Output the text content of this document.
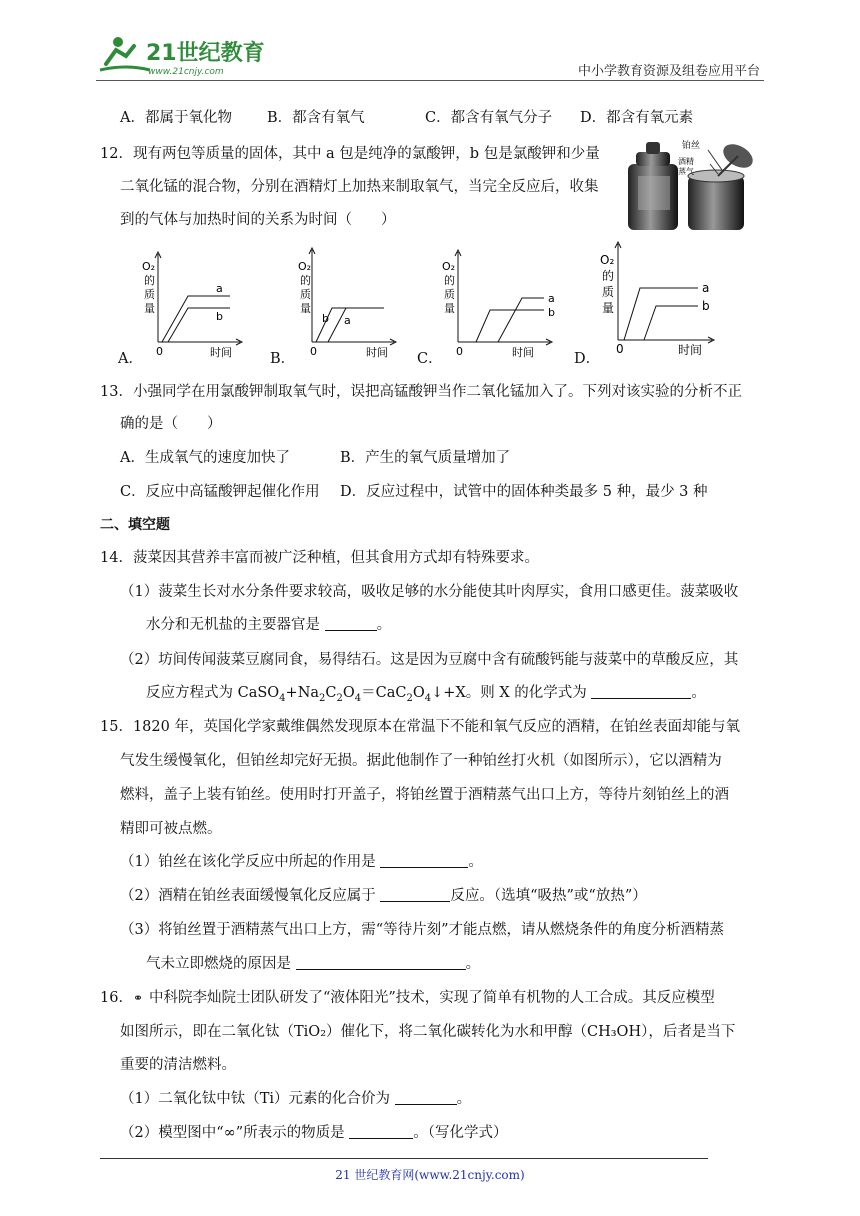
21世纪教育
www.21cnjy.com	中小学教育资源及组卷应用平台
A．都属于氧化物 B．都含有氧气	C．都含有氧气分子 D．都含有氧元素
12．现有两包等质量的固体，其中 a 包是纯净的氯酸钾，b 包是氯酸钾和少量
二氧化锰的混合物，分别在酒精灯上加热来制取氧气，当完全反应后，收集
到的气体与加热时间的关系为时间（　　）
铂丝
酒精
蒸气
A．	B．	C．	D．
O₂
的
质
量
0	时间
a
b
O₂
的
质
量
0	时间
b a
O₂
的
质
量
0	时间
a
b
O₂
的
质
量
0	时间
a
b
13．小强同学在用氯酸钾制取氧气时，误把高锰酸钾当作二氧化锰加入了。下列对该实验的分析不正
确的是（　　）
A．生成氧气的速度加快了	B．产生的氧气质量增加了
C．反应中高锰酸钾起催化作用 D．反应过程中，试管中的固体种类最多 5 种，最少 3 种
二、填空题
14．菠菜因其营养丰富而被广泛种植，但其食用方式却有特殊要求。
（1）菠菜生长对水分条件要求较高，吸收足够的水分能使其叶肉厚实，食用口感更佳。菠菜吸收
水分和无机盐的主要器官是	。
（2）坊间传闻菠菜豆腐同食，易得结石。这是因为豆腐中含有硫酸钙能与菠菜中的草酸反应，其
反应方程式为 $CaSO_4+Na_2C_2O_4=CaC_2O_4↓+X$。则 X 的化学式为	。
15．1820 年，英国化学家戴维偶然发现原本在常温下不能和氧气反应的酒精，在铂丝表面却能与氧
气发生缓慢氧化，但铂丝却完好无损。据此他制作了一种铂丝打火机（如图所示），它以酒精为
燃料，盖子上装有铂丝。使用时打开盖子，将铂丝置于酒精蒸气出口上方，等待片刻铂丝上的酒
精即可被点燃。
（1）铂丝在该化学反应中所起的作用是	。
（2）酒精在铂丝表面缓慢氧化反应属于	反应。（选填“吸热”或“放热”）
（3）将铂丝置于酒精蒸气出口上方，需“等待片刻”才能点燃，请从燃烧条件的角度分析酒精蒸
气未立即燃烧的原因是	。
16．⚭ 中科院李灿院士团队研发了“液体阳光”技术，实现了简单有机物的人工合成。其反应模型
如图所示，即在二氧化钛（TiO₂）催化下，将二氧化碳转化为水和甲醇（CH₃OH），后者是当下
重要的清洁燃料。
（1）二氧化钛中钛（Ti）元素的化合价为	。
（2）模型图中“∞”所表示的物质是	。（写化学式）
21 世纪教育网(www.21cnjy.com)
